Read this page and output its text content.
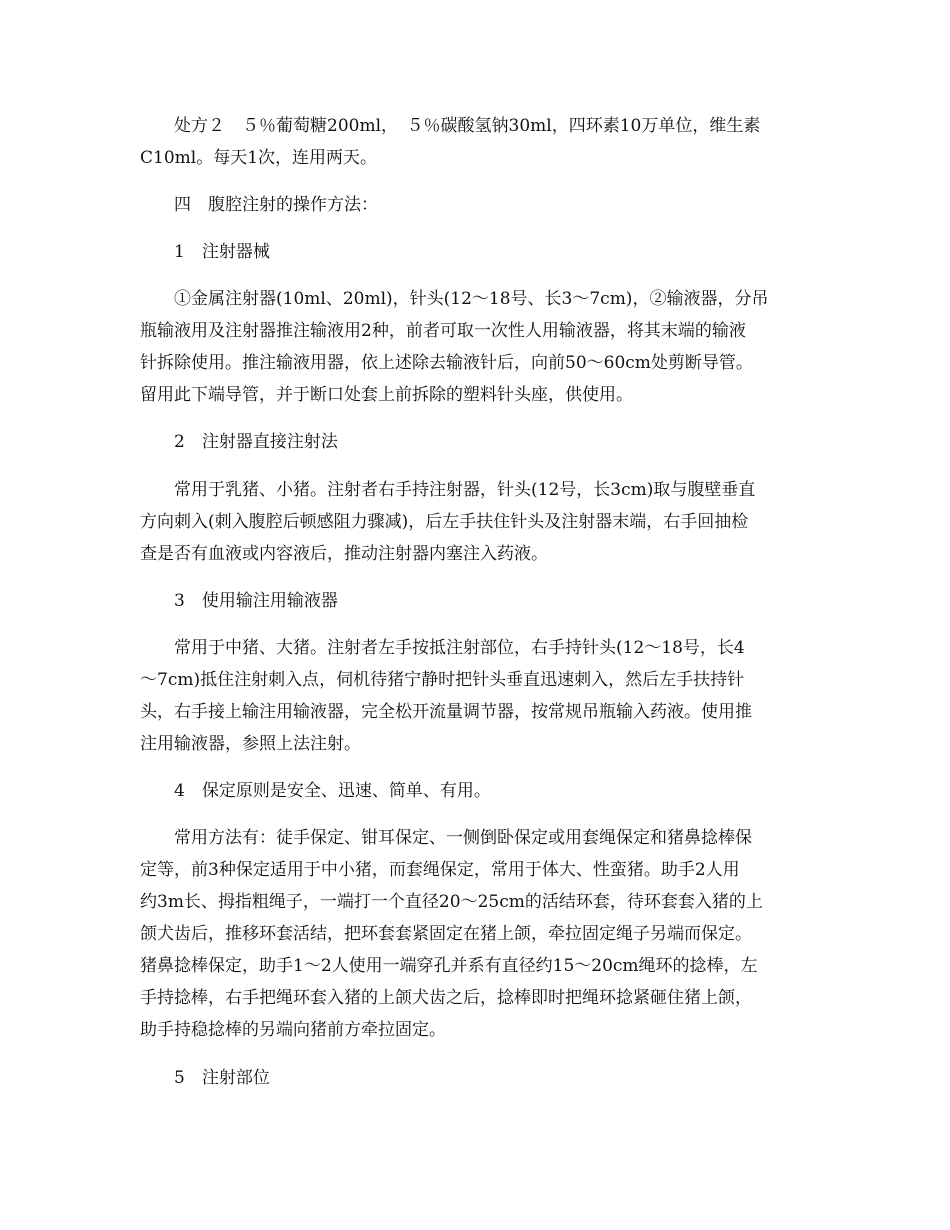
处方２　５％葡萄糖200ml，　５％碳酸氢钠30ml，四环素10万单位，维生素
C10ml。每天1次，连用两天。
四　腹腔注射的操作方法：
1　注射器械
①金属注射器(10ml、20ml)，针头(12～18号、长3～7cm)，②输液器，分吊
瓶输液用及注射器推注输液用2种，前者可取一次性人用输液器，将其末端的输液
针拆除使用。推注输液用器，依上述除去输液针后，向前50～60cm处剪断导管。
留用此下端导管，并于断口处套上前拆除的塑料针头座，供使用。
2　注射器直接注射法
常用于乳猪、小猪。注射者右手持注射器，针头(12号，长3cm)取与腹壁垂直
方向刺入(刺入腹腔后顿感阻力骤减)，后左手扶住针头及注射器末端，右手回抽检
查是否有血液或内容液后，推动注射器内塞注入药液。
3　使用输注用输液器
常用于中猪、大猪。注射者左手按抵注射部位，右手持针头(12～18号，长4
～7cm)抵住注射刺入点，伺机待猪宁静时把针头垂直迅速刺入，然后左手扶持针
头，右手接上输注用输液器，完全松开流量调节器，按常规吊瓶输入药液。使用推
注用输液器，参照上法注射。
4　保定原则是安全、迅速、简单、有用。
常用方法有：徒手保定、钳耳保定、一侧倒卧保定或用套绳保定和猪鼻捻棒保
定等，前3种保定适用于中小猪，而套绳保定，常用于体大、性蛮猪。助手2人用
约3m长、拇指粗绳子，一端打一个直径20～25cm的活结环套，待环套套入猪的上
颌犬齿后，推移环套活结，把环套套紧固定在猪上颌，牵拉固定绳子另端而保定。
猪鼻捻棒保定，助手1～2人使用一端穿孔并系有直径约15～20cm绳环的捻棒，左
手持捻棒，右手把绳环套入猪的上颌犬齿之后，捻棒即时把绳环捻紧砸住猪上颌，
助手持稳捻棒的另端向猪前方牵拉固定。
5　注射部位
